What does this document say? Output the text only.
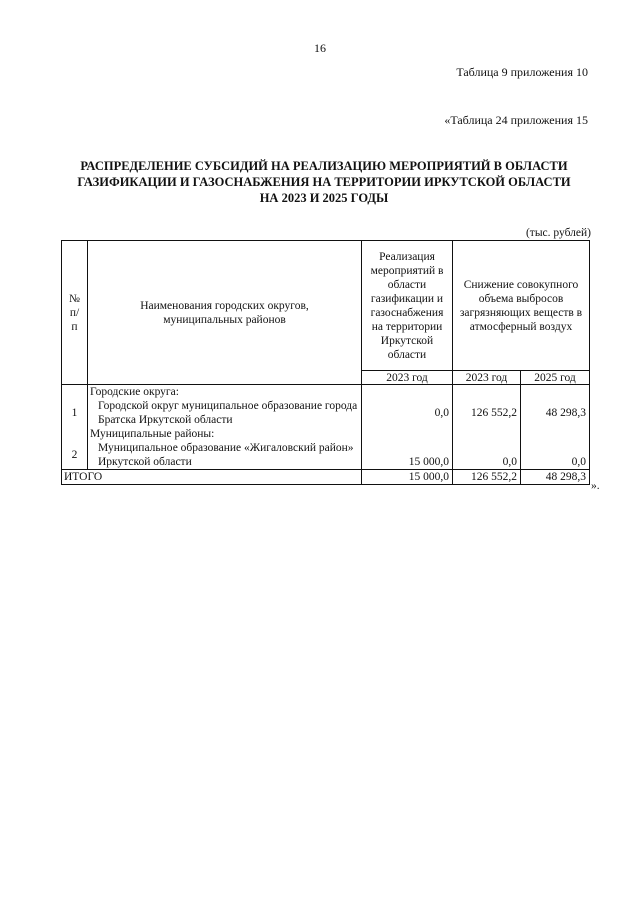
16
Таблица 9 приложения 10
«Таблица 24 приложения 15
РАСПРЕДЕЛЕНИЕ СУБСИДИЙ НА РЕАЛИЗАЦИЮ МЕРОПРИЯТИЙ В ОБЛАСТИ
ГАЗИФИКАЦИИ И ГАЗОСНАБЖЕНИЯ НА ТЕРРИТОРИИ ИРКУТСКОЙ ОБЛАСТИ
НА 2023 И 2025 ГОДЫ
(тыс. рублей)
№ п/п	Наименования городских округов, муниципальных районов	Реализация мероприятий в области газификации и газоснабжения на территории Иркутской области	Снижение совокупного объема выбросов загрязняющих веществ в атмосферный воздух	
		2023 год	2023 год	2025 год
	Городские округа:			
1	Городской округ муниципальное образование города Братска Иркутской области	0,0	126 552,2	48 298,3
	Муниципальные районы:			
2	Муниципальное образование «Жигаловский район» Иркутской области	15 000,0	0,0	0,0
ИТОГО		15 000,0	126 552,2	48 298,3
».
